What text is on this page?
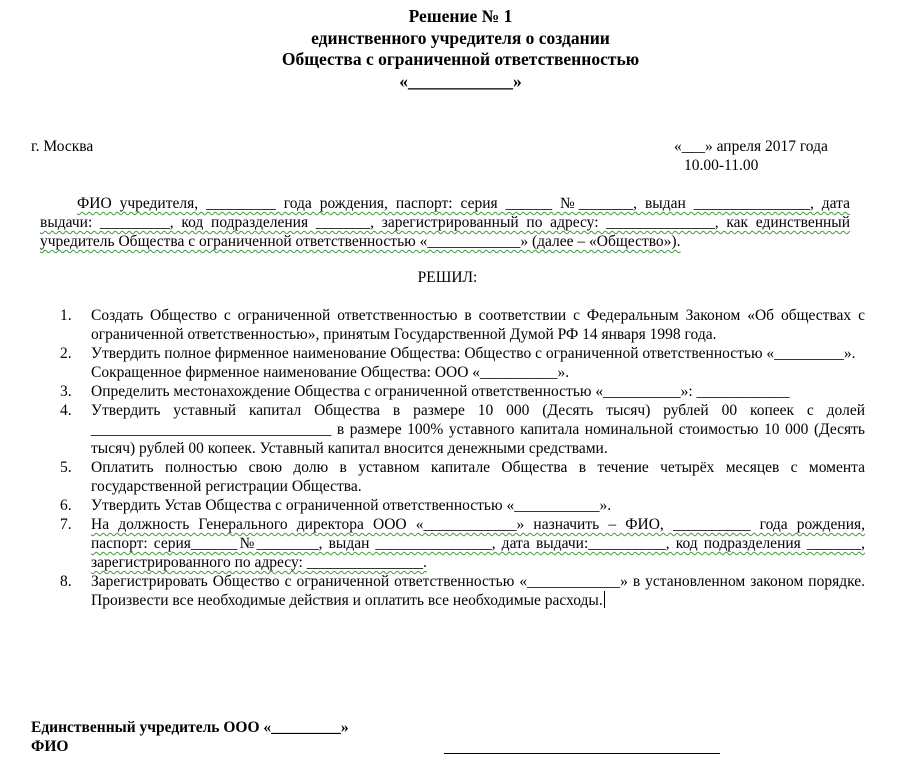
Решение № 1

единственного учредителя о создании

Общества с ограниченной ответственностью

«____________»

г. Москва	«___» апреля 2017 года
10.00-11.00
ФИО учредителя, _________ года рождения, паспорт: серия ______ №_______, выдан _______________, дата выдачи: _________, код подразделения _______, зарегистрированный по адресу: ______________, как единственный учредитель Общества с ограниченной ответственностью «____________» (далее – «Общество»).
РЕШИЛ:
1. Создать Общество с ограниченной ответственностью в соответствии с Федеральным Законом «Об обществах с ограниченной ответственностью», принятым Государственной Думой РФ 14 января 1998 года.
2. Утвердить полное фирменное наименование Общества: Общество с ограниченной ответственностью «_________».
Сокращенное фирменное наименование Общества: ООО «__________».
3. Определить местонахождение Общества с ограниченной ответственностью «__________»: ____________
4. Утвердить уставный капитал Общества в размере 10 000 (Десять тысяч) рублей 00 копеек с долей _______________________________ в размере 100% уставного капитала номинальной стоимостью 10 000 (Десять тысяч) рублей 00 копеек. Уставный капитал вносится денежными средствами.
5. Оплатить полностью свою долю в уставном капитале Общества в течение четырёх месяцев с момента государственной регистрации Общества.
6. Утвердить Устав Общества с ограниченной ответственностью «___________».
7. На должность Генерального директора ООО «____________» назначить – ФИО, __________ года рождения, паспорт: серия______№________, выдан _______________, дата выдачи:__________, код подразделения _______, зарегистрированного по адресу: _______________.
8. Зарегистрировать Общество с ограниченной ответственностью «____________» в установленном законом порядке. Произвести все необходимые действия и оплатить все необходимые расходы.
Единственный учредитель ООО «_________»
ФИО
